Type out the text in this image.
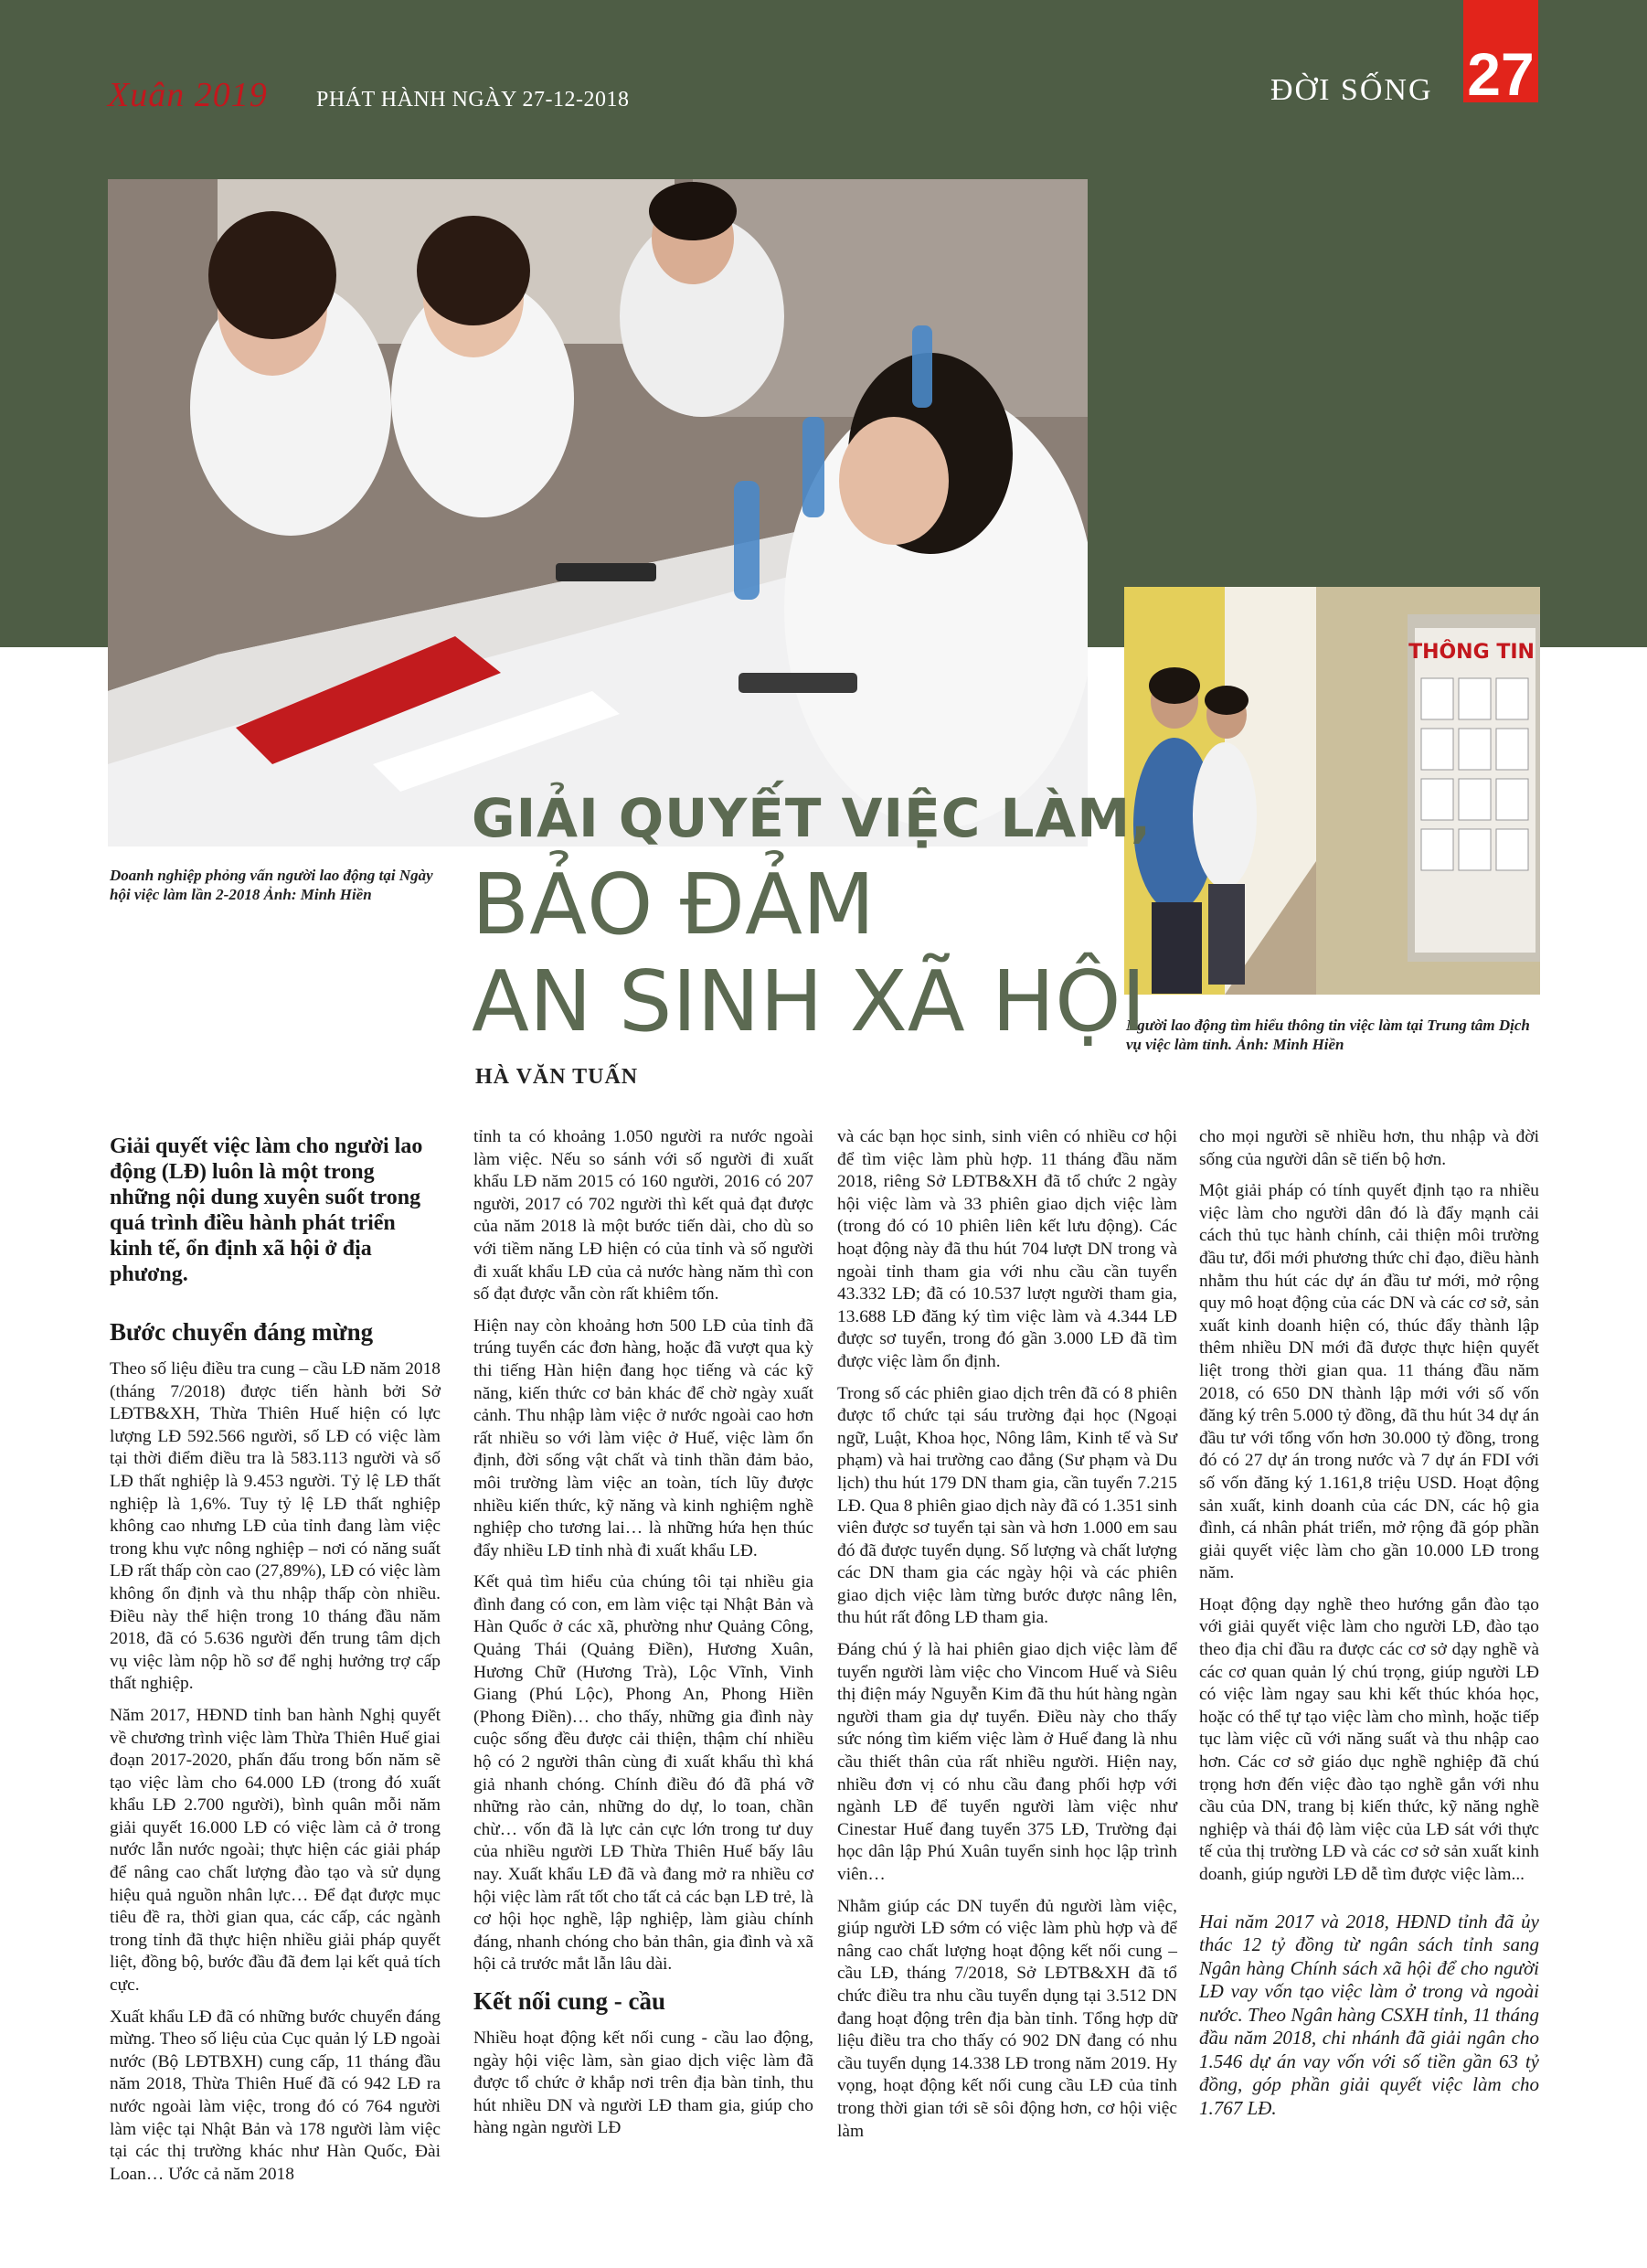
Xuân 2019 PHÁT HÀNH NGÀY 27-12-2018	ĐỜI SỐNG 27
THÔNG TIN
Doanh nghiệp phỏng vấn người lao động tại Ngày hội việc làm lần 2-2018 Ảnh: Minh Hiền
Người lao động tìm hiểu thông tin việc làm tại Trung tâm Dịch vụ việc làm tỉnh. Ảnh: Minh Hiền
GIẢI QUYẾT VIỆC LÀM,
BẢO ĐẢM
AN SINH XÃ HỘI
HÀ VĂN TUẤN

Giải quyết việc làm cho người lao động (LĐ) luôn là một trong những nội dung xuyên suốt trong quá trình điều hành phát triển kinh tế, ổn định xã hội ở địa phương.

Bước chuyển đáng mừng

Theo số liệu điều tra cung – cầu LĐ năm 2018 (tháng 7/2018) được tiến hành bởi Sở LĐTB&XH, Thừa Thiên Huế hiện có lực lượng LĐ 592.566 người, số LĐ có việc làm tại thời điểm điều tra là 583.113 người và số LĐ thất nghiệp là 9.453 người. Tỷ lệ LĐ thất nghiệp là 1,6%. Tuy tỷ lệ LĐ thất nghiệp không cao nhưng LĐ của tỉnh đang làm việc trong khu vực nông nghiệp – nơi có năng suất LĐ rất thấp còn cao (27,89%), LĐ có việc làm không ổn định và thu nhập thấp còn nhiều. Điều này thể hiện trong 10 tháng đầu năm 2018, đã có 5.636 người đến trung tâm dịch vụ việc làm nộp hồ sơ để nghị hưởng trợ cấp thất nghiệp.

Năm 2017, HĐND tỉnh ban hành Nghị quyết về chương trình việc làm Thừa Thiên Huế giai đoạn 2017-2020, phấn đấu trong bốn năm sẽ tạo việc làm cho 64.000 LĐ (trong đó xuất khẩu LĐ 2.700 người), bình quân mỗi năm giải quyết 16.000 LĐ có việc làm cả ở trong nước lẫn nước ngoài; thực hiện các giải pháp để nâng cao chất lượng đào tạo và sử dụng hiệu quả nguồn nhân lực… Để đạt được mục tiêu đề ra, thời gian qua, các cấp, các ngành trong tỉnh đã thực hiện nhiều giải pháp quyết liệt, đồng bộ, bước đầu đã đem lại kết quả tích cực.

Xuất khẩu LĐ đã có những bước chuyển đáng mừng. Theo số liệu của Cục quản lý LĐ ngoài nước (Bộ LĐTBXH) cung cấp, 11 tháng đầu năm 2018, Thừa Thiên Huế đã có 942 LĐ ra nước ngoài làm việc, trong đó có 764 người làm việc tại Nhật Bản và 178 người làm việc tại các thị trường khác như Hàn Quốc, Đài Loan… Ước cả năm 2018

tỉnh ta có khoảng 1.050 người ra nước ngoài làm việc. Nếu so sánh với số người đi xuất khẩu LĐ năm 2015 có 160 người, 2016 có 207 người, 2017 có 702 người thì kết quả đạt được của năm 2018 là một bước tiến dài, cho dù so với tiềm năng LĐ hiện có của tỉnh và số người đi xuất khẩu LĐ của cả nước hàng năm thì con số đạt được vẫn còn rất khiêm tốn.

Hiện nay còn khoảng hơn 500 LĐ của tỉnh đã trúng tuyển các đơn hàng, hoặc đã vượt qua kỳ thi tiếng Hàn hiện đang học tiếng và các kỹ năng, kiến thức cơ bản khác để chờ ngày xuất cảnh. Thu nhập làm việc ở nước ngoài cao hơn rất nhiều so với làm việc ở Huế, việc làm ổn định, đời sống vật chất và tinh thần đảm bảo, môi trường làm việc an toàn, tích lũy được nhiều kiến thức, kỹ năng và kinh nghiệm nghề nghiệp cho tương lai… là những hứa hẹn thúc đẩy nhiều LĐ tỉnh nhà đi xuất khẩu LĐ.

Kết quả tìm hiểu của chúng tôi tại nhiều gia đình đang có con, em làm việc tại Nhật Bản và Hàn Quốc ở các xã, phường như Quảng Công, Quảng Thái (Quảng Điền), Hương Xuân, Hương Chữ (Hương Trà), Lộc Vĩnh, Vinh Giang (Phú Lộc), Phong An, Phong Hiền (Phong Điền)… cho thấy, những gia đình này cuộc sống đều được cải thiện, thậm chí nhiều hộ có 2 người thân cùng đi xuất khẩu thì khá giả nhanh chóng. Chính điều đó đã phá vỡ những rào cản, những do dự, lo toan, chần chừ… vốn đã là lực cản cực lớn trong tư duy của nhiều người LĐ Thừa Thiên Huế bấy lâu nay. Xuất khẩu LĐ đã và đang mở ra nhiều cơ hội việc làm rất tốt cho tất cả các bạn LĐ trẻ, là cơ hội học nghề, lập nghiệp, làm giàu chính đáng, nhanh chóng cho bản thân, gia đình và xã hội cả trước mắt lẫn lâu dài.

Kết nối cung - cầu

Nhiều hoạt động kết nối cung - cầu lao động, ngày hội việc làm, sàn giao dịch việc làm đã được tổ chức ở khắp nơi trên địa bàn tỉnh, thu hút nhiều DN và người LĐ tham gia, giúp cho hàng ngàn người LĐ

và các bạn học sinh, sinh viên có nhiều cơ hội để tìm việc làm phù hợp. 11 tháng đầu năm 2018, riêng Sở LĐTB&XH đã tổ chức 2 ngày hội việc làm và 33 phiên giao dịch việc làm (trong đó có 10 phiên liên kết lưu động). Các hoạt động này đã thu hút 704 lượt DN trong và ngoài tỉnh tham gia với nhu cầu cần tuyển 43.332 LĐ; đã có 10.537 lượt người tham gia, 13.688 LĐ đăng ký tìm việc làm và 4.344 LĐ được sơ tuyển, trong đó gần 3.000 LĐ đã tìm được việc làm ổn định.

Trong số các phiên giao dịch trên đã có 8 phiên được tổ chức tại sáu trường đại học (Ngoại ngữ, Luật, Khoa học, Nông lâm, Kinh tế và Sư phạm) và hai trường cao đẳng (Sư phạm và Du lịch) thu hút 179 DN tham gia, cần tuyển 7.215 LĐ. Qua 8 phiên giao dịch này đã có 1.351 sinh viên được sơ tuyển tại sàn và hơn 1.000 em sau đó đã được tuyển dụng. Số lượng và chất lượng các DN tham gia các ngày hội và các phiên giao dịch việc làm từng bước được nâng lên, thu hút rất đông LĐ tham gia.

Đáng chú ý là hai phiên giao dịch việc làm để tuyển người làm việc cho Vincom Huế và Siêu thị điện máy Nguyễn Kim đã thu hút hàng ngàn người tham gia dự tuyển. Điều này cho thấy sức nóng tìm kiếm việc làm ở Huế đang là nhu cầu thiết thân của rất nhiều người. Hiện nay, nhiều đơn vị có nhu cầu đang phối hợp với ngành LĐ để tuyển người làm việc như Cinestar Huế đang tuyển 375 LĐ, Trường đại học dân lập Phú Xuân tuyển sinh học lập trình viên…

Nhằm giúp các DN tuyển đủ người làm việc, giúp người LĐ sớm có việc làm phù hợp và để nâng cao chất lượng hoạt động kết nối cung – cầu LĐ, tháng 7/2018, Sở LĐTB&XH đã tổ chức điều tra nhu cầu tuyển dụng tại 3.512 DN đang hoạt động trên địa bàn tỉnh. Tổng hợp dữ liệu điều tra cho thấy có 902 DN đang có nhu cầu tuyển dụng 14.338 LĐ trong năm 2019. Hy vọng, hoạt động kết nối cung cầu LĐ của tỉnh trong thời gian tới sẽ sôi động hơn, cơ hội việc làm

cho mọi người sẽ nhiều hơn, thu nhập và đời sống của người dân sẽ tiến bộ hơn.

Một giải pháp có tính quyết định tạo ra nhiều việc làm cho người dân đó là đẩy mạnh cải cách thủ tục hành chính, cải thiện môi trường đầu tư, đổi mới phương thức chỉ đạo, điều hành nhằm thu hút các dự án đầu tư mới, mở rộng quy mô hoạt động của các DN và các cơ sở, sản xuất kinh doanh hiện có, thúc đẩy thành lập thêm nhiều DN mới đã được thực hiện quyết liệt trong thời gian qua. 11 tháng đầu năm 2018, có 650 DN thành lập mới với số vốn đăng ký trên 5.000 tỷ đồng, đã thu hút 34 dự án đầu tư với tổng vốn hơn 30.000 tỷ đồng, trong đó có 27 dự án trong nước và 7 dự án FDI với số vốn đăng ký 1.161,8 triệu USD. Hoạt động sản xuất, kinh doanh của các DN, các hộ gia đình, cá nhân phát triển, mở rộng đã góp phần giải quyết việc làm cho gần 10.000 LĐ trong năm.

Hoạt động dạy nghề theo hướng gắn đào tạo với giải quyết việc làm cho người LĐ, đào tạo theo địa chỉ đầu ra được các cơ sở dạy nghề và các cơ quan quản lý chú trọng, giúp người LĐ có việc làm ngay sau khi kết thúc khóa học, hoặc có thể tự tạo việc làm cho mình, hoặc tiếp tục làm việc cũ với năng suất và thu nhập cao hơn. Các cơ sở giáo dục nghề nghiệp đã chú trọng hơn đến việc đào tạo nghề gắn với nhu cầu của DN, trang bị kiến thức, kỹ năng nghề nghiệp và thái độ làm việc của LĐ sát với thực tế của thị trường LĐ và các cơ sở sản xuất kinh doanh, giúp người LĐ dễ tìm được việc làm...

Hai năm 2017 và 2018, HĐND tỉnh đã ủy thác 12 tỷ đồng từ ngân sách tỉnh sang Ngân hàng Chính sách xã hội để cho người LĐ vay vốn tạo việc làm ở trong và ngoài nước. Theo Ngân hàng CSXH tỉnh, 11 tháng đầu năm 2018, chi nhánh đã giải ngân cho 1.546 dự án vay vốn với số tiền gần 63 tỷ đồng, góp phần giải quyết việc làm cho 1.767 LĐ.
